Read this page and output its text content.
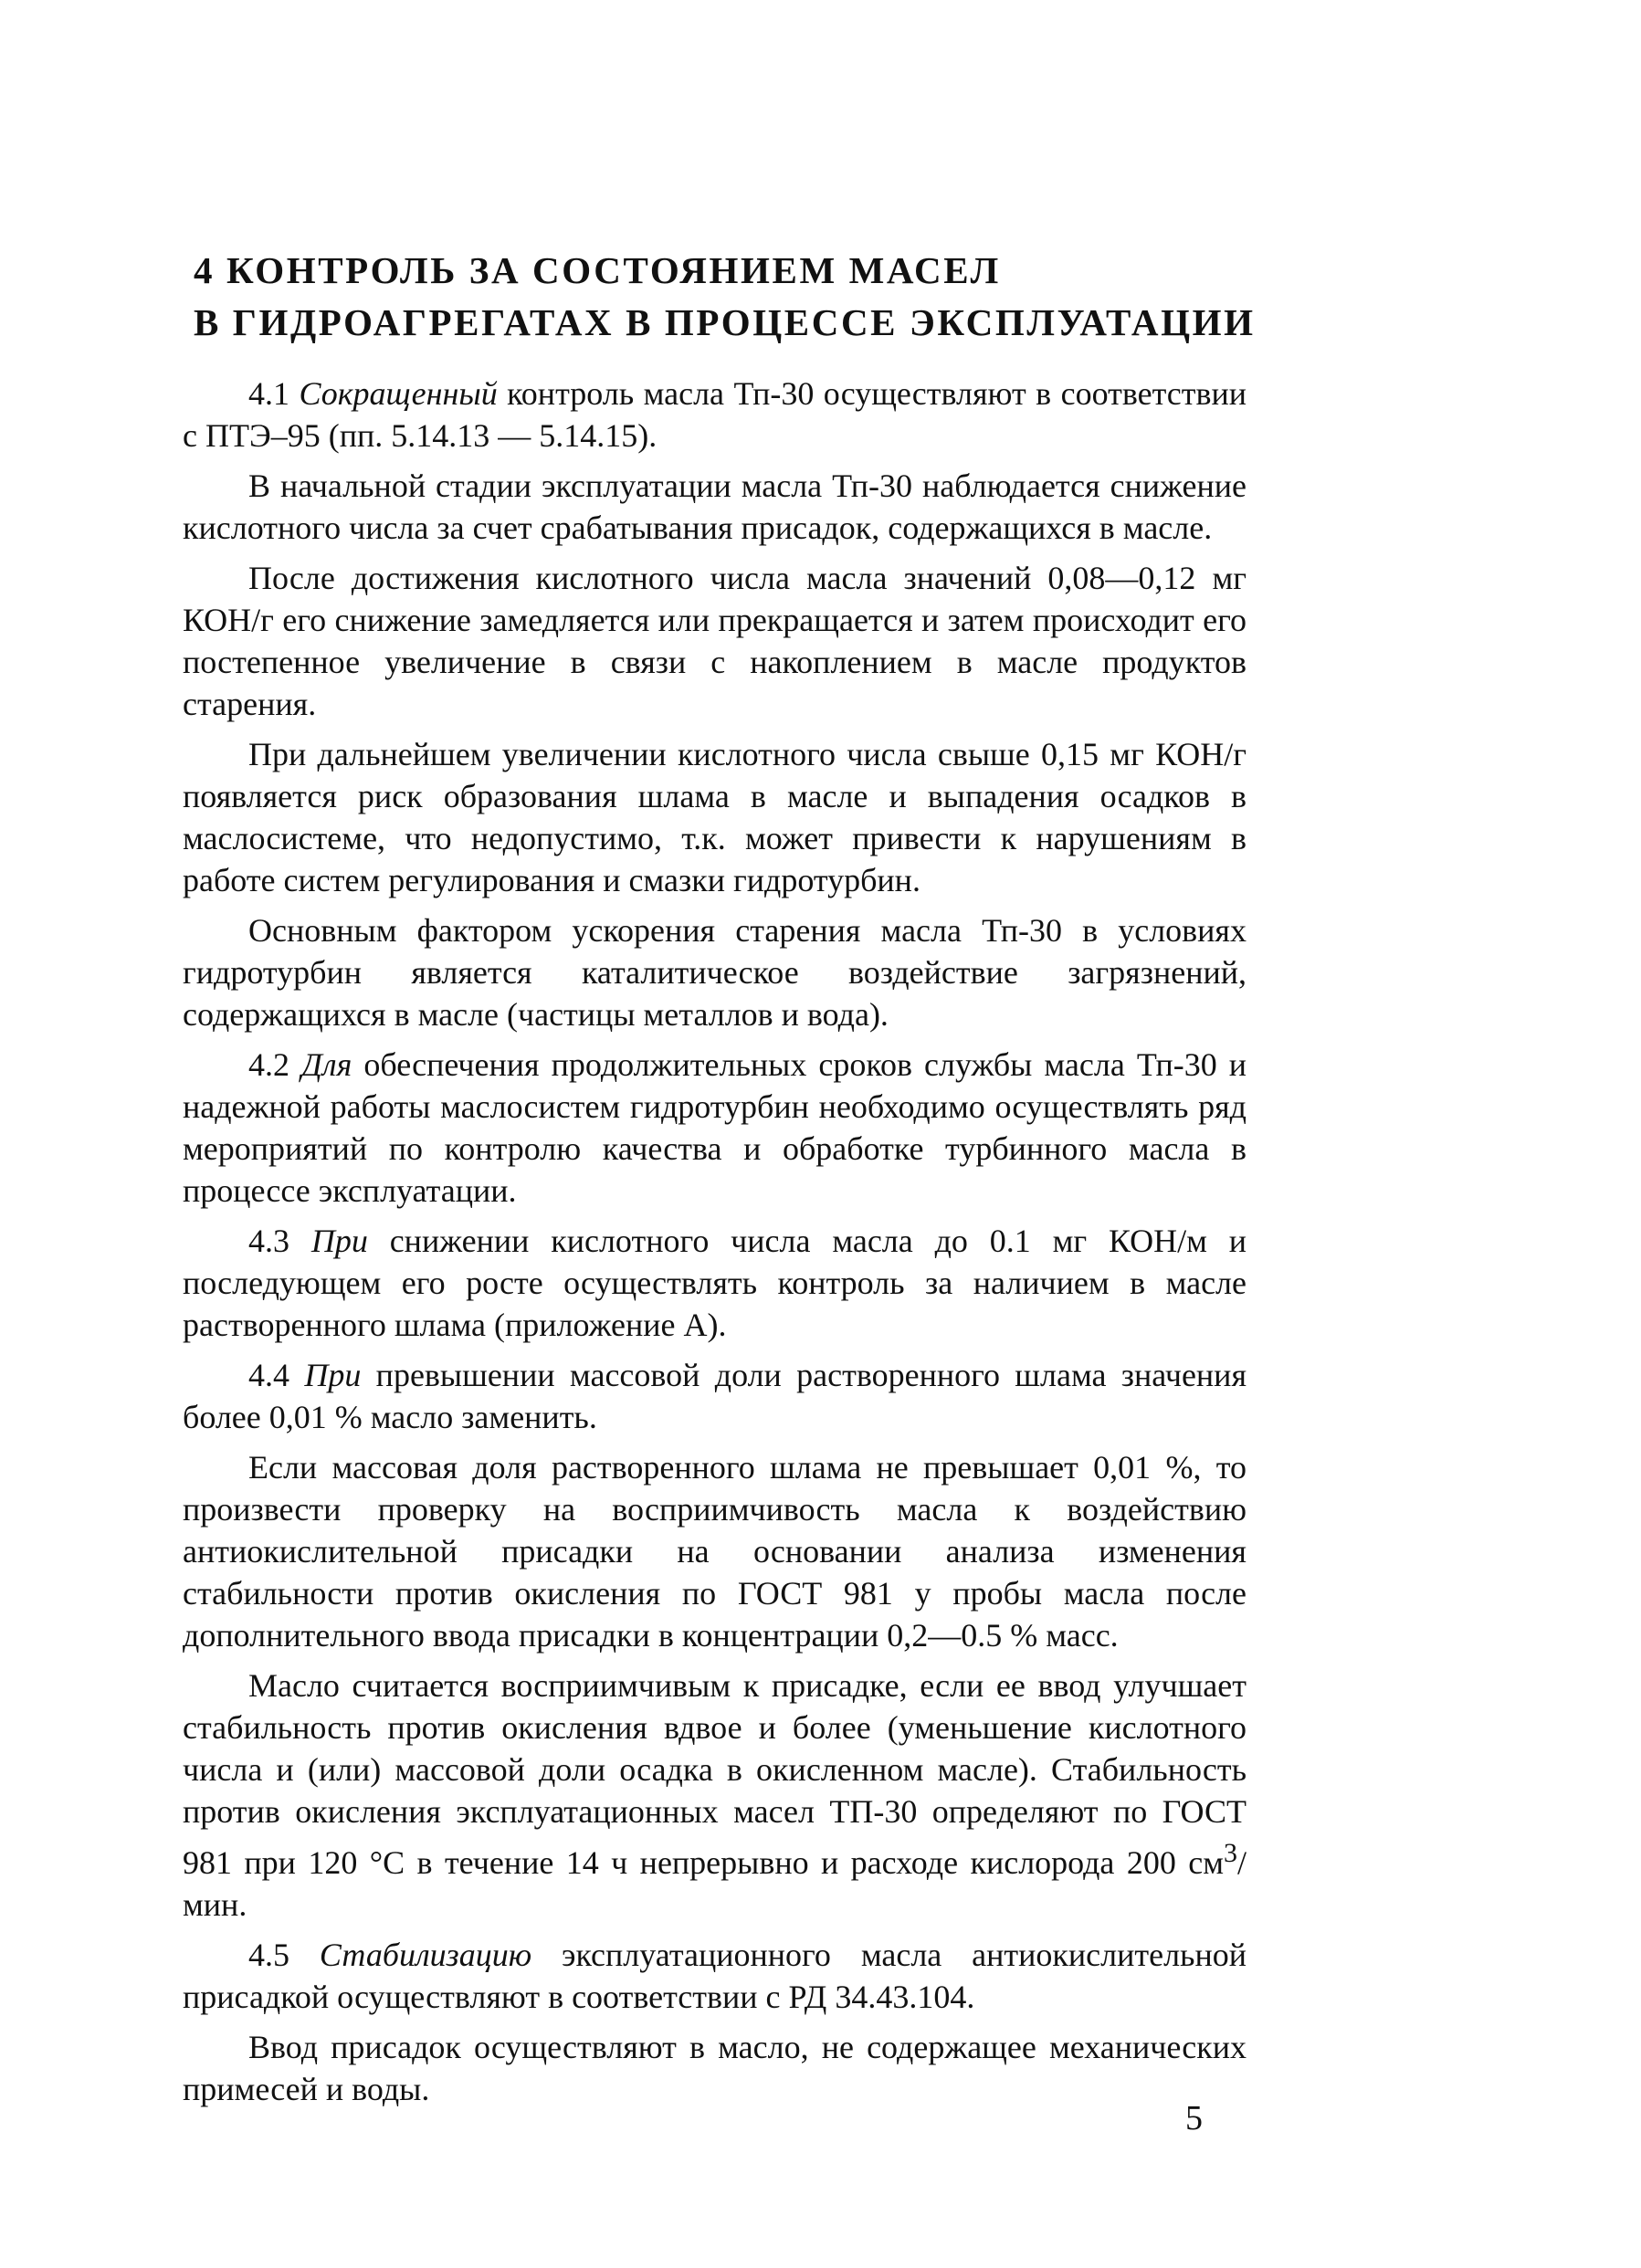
4 КОНТРОЛЬ ЗА СОСТОЯНИЕМ МАСЕЛ
В ГИДРОАГРЕГАТАХ В ПРОЦЕССЕ ЭКСПЛУАТАЦИИ

4.1 Сокращенный контроль масла Тп-30 осуществляют в соответствии с ПТЭ–95 (пп. 5.14.13 — 5.14.15).

В начальной стадии эксплуатации масла Тп-30 наблюдается снижение кислотного числа за счет срабатывания присадок, содержащихся в масле.

После достижения кислотного числа масла значений 0,08—0,12 мг КОН/г его снижение замедляется или прекращается и затем происходит его постепенное увеличение в связи с накоплением в масле продуктов старения.

При дальнейшем увеличении кислотного числа свыше 0,15 мг КОН/г появляется риск образования шлама в масле и выпадения осадков в маслосистеме, что недопустимо, т.к. может привести к нарушениям в работе систем регулирования и смазки гидротурбин.

Основным фактором ускорения старения масла Тп-30 в условиях гидротурбин является каталитическое воздействие загрязнений, содержащихся в масле (частицы металлов и вода).

4.2 Для обеспечения продолжительных сроков службы масла Тп-30 и надежной работы маслосистем гидротурбин необходимо осуществлять ряд мероприятий по контролю качества и обработке турбинного масла в процессе эксплуатации.

4.3 При снижении кислотного числа масла до 0.1 мг КОН/м и последующем его росте осуществлять контроль за наличием в масле растворенного шлама (приложение А).

4.4 При превышении массовой доли растворенного шлама значения более 0,01 % масло заменить.

Если массовая доля растворенного шлама не превышает 0,01 %, то произвести проверку на восприимчивость масла к воздействию антиокислительной присадки на основании анализа изменения стабильности против окисления по ГОСТ 981 у пробы масла после дополнительного ввода присадки в концентрации 0,2—0.5 % масс.

Масло считается восприимчивым к присадке, если ее ввод улучшает стабильность против окисления вдвое и более (уменьшение кислотного числа и (или) массовой доли осадка в окисленном масле). Стабильность против окисления эксплуатационных масел ТП-30 определяют по ГОСТ 981 при 120 °С в течение 14 ч непрерывно и расходе кислорода 200 $см^3$/мин.

4.5 Стабилизацию эксплуатационного масла антиокислительной присадкой осуществляют в соответствии с РД 34.43.104.

Ввод присадок осуществляют в масло, не содержащее механических примесей и воды.

5
